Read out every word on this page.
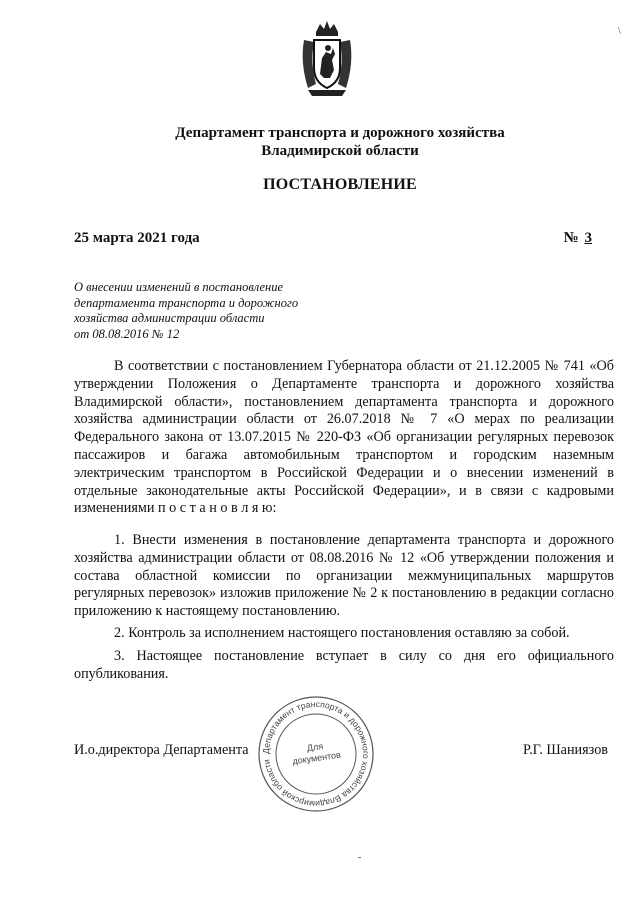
Департамент транспорта и дорожного хозяйства
Владимирской области
ПОСТАНОВЛЕНИЕ
25 марта 2021 года	№ 3
О внесении изменений в постановление
департамента транспорта и дорожного
хозяйства администрации области
от 08.08.2016 № 12
В соответствии с постановлением Губернатора области от 21.12.2005 № 741 «Об утверждении Положения о Департаменте транспорта и дорожного хозяйства Владимирской области», постановлением департамента транспорта и дорожного хозяйства администрации области от 26.07.2018 № 7 «О мерах по реализации Федерального закона от 13.07.2015 № 220-ФЗ «Об организации регулярных перевозок пассажиров и багажа автомобильным транспортом и городским наземным электрическим транспортом в Российской Федерации и о внесении изменений в отдельные законодательные акты Российской Федерации», и в связи с кадровыми изменениями п о с т а н о в л я ю:
1. Внести изменения в постановление департамента транспорта и дорожного хозяйства администрации области от 08.08.2016 № 12 «Об утверждении положения и состава областной комиссии по организации межмуниципальных маршрутов регулярных перевозок» изложив приложение № 2 к постановлению в редакции согласно приложению к настоящему постановлению.
2. Контроль за исполнением настоящего постановления оставляю за собой.
3. Настоящее постановление вступает в силу со дня его официального опубликования.
И.о.директора Департамента	Р.Г. Шаниязов
Департамент транспорта и дорожного хозяйства Владимирской области
Для
документов
\
-
